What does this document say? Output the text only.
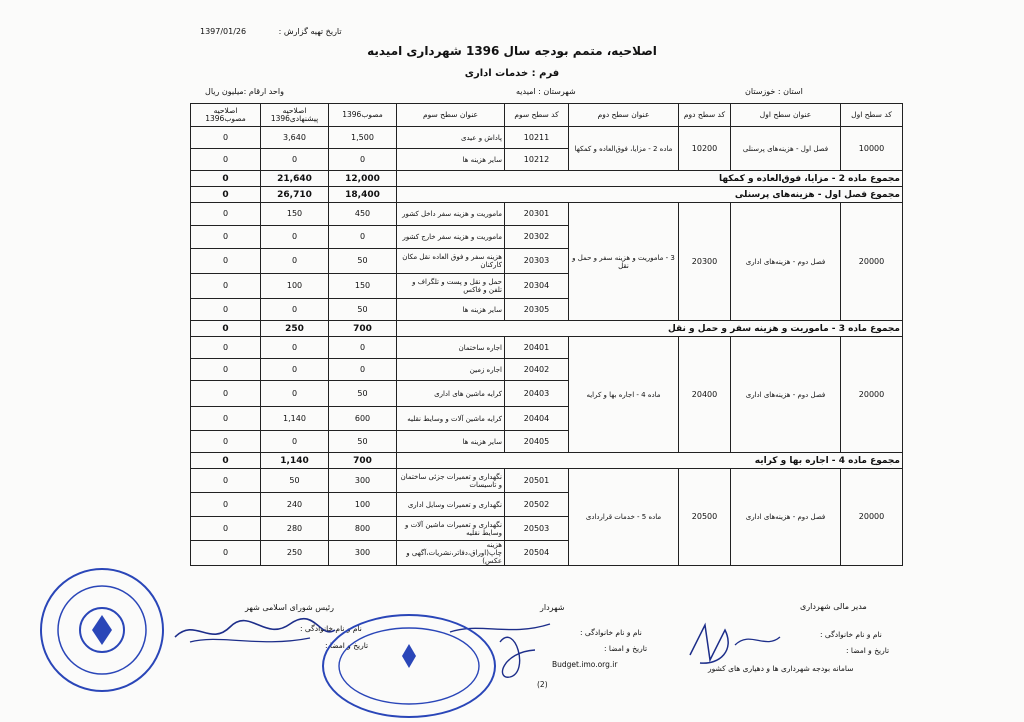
تاریخ تهیه گزارش : 1397/01/26
اصلاحیه، متمم بودجه سال 1396 شهرداری امیدیه
فرم : خدمات اداری
استان : خوزستان
شهرستان : امیدیه
واحد ارقام :میلیون ریال
کد سطح اول	عنوان سطح اول	کد سطح دوم	عنوان سطح دوم	کد سطح سوم	عنوان سطح سوم	مصوب1396	اصلاحیه پیشنهادی1396	اصلاحیه مصوب1396
10000	فصل اول - هزینه‌های پرسنلی	10200	ماده 2 - مزایا، فوق‌العاده و کمکها	10211	پاداش و عیدی	1,500	3,640	0
				10212	سایر هزینه ها	0	0	0
مجموع ماده 2 - مزایا، فوق‌العاده و کمکها						12,000	21,640	0
مجموع فصل اول - هزینه‌های پرسنلی						18,400	26,710	0
20000	فصل دوم - هزینه‌های اداری	20300	3 - ماموریت و هزینه سفر و حمل و نقل	20301	ماموریت و هزینه سفر داخل کشور	450	150	0
				20302	ماموریت و هزینه سفر خارج کشور	0	0	0
				20303	هزینه سفر و فوق العاده نقل مکان کارکنان	50	0	0
				20304	حمل و نقل و پست و تلگراف و تلفن و فاکس	150	100	0
				20305	سایر هزینه ها	50	0	0
مجموع ماده 3 - ماموریت و هزینه سفر و حمل و نقل						700	250	0
20000	فصل دوم - هزینه‌های اداری	20400	ماده 4 - اجاره بها و کرایه	20401	اجاره ساختمان	0	0	0
				20402	اجاره زمین	0	0	0
				20403	کرایه ماشین های اداری	50	0	0
				20404	کرایه ماشین آلات و وسایط نقلیه	600	1,140	0
				20405	سایر هزینه ها	50	0	0
مجموع ماده 4 - اجاره بها و کرایه						700	1,140	0
20000	فصل دوم - هزینه‌های اداری	20500	ماده 5 - خدمات قراردادی	20501	نگهداری و تعمیرات جزئی ساختمان و تاسیسات	300	50	0
				20502	نگهداری و تعمیرات وسایل اداری	100	240	0
				20503	نگهداری و تعمیرات ماشین آلات و وسایط نقلیه	800	280	0
				20504	هزینه چاپ(اوراق،دفاتر،نشریات،آگهی و عکس)	300	250	0
مدیر مالی شهرداری
نام و نام خانوادگی :
تاریخ و امضا :
سامانه بودجه شهرداری ها و دهیاری های کشور
شهردار
نام و نام خانوادگی :
تاریخ و امضا :
Budget.imo.org.ir
(2)
رئیس شورای اسلامی شهر
نام و نام خانوادگی :
تاریخ و امضا :
